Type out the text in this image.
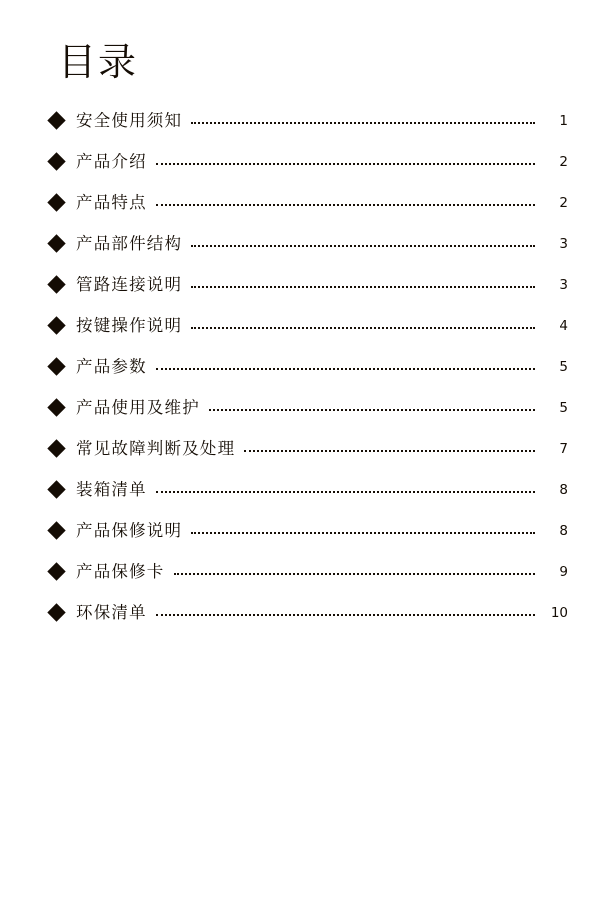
目录
安全使用须知	1
产品介绍	2
产品特点	2
产品部件结构	3
管路连接说明	3
按键操作说明	4
产品参数	5
产品使用及维护	5
常见故障判断及处理	7
装箱清单	8
产品保修说明	8
产品保修卡	9
环保清单	10
